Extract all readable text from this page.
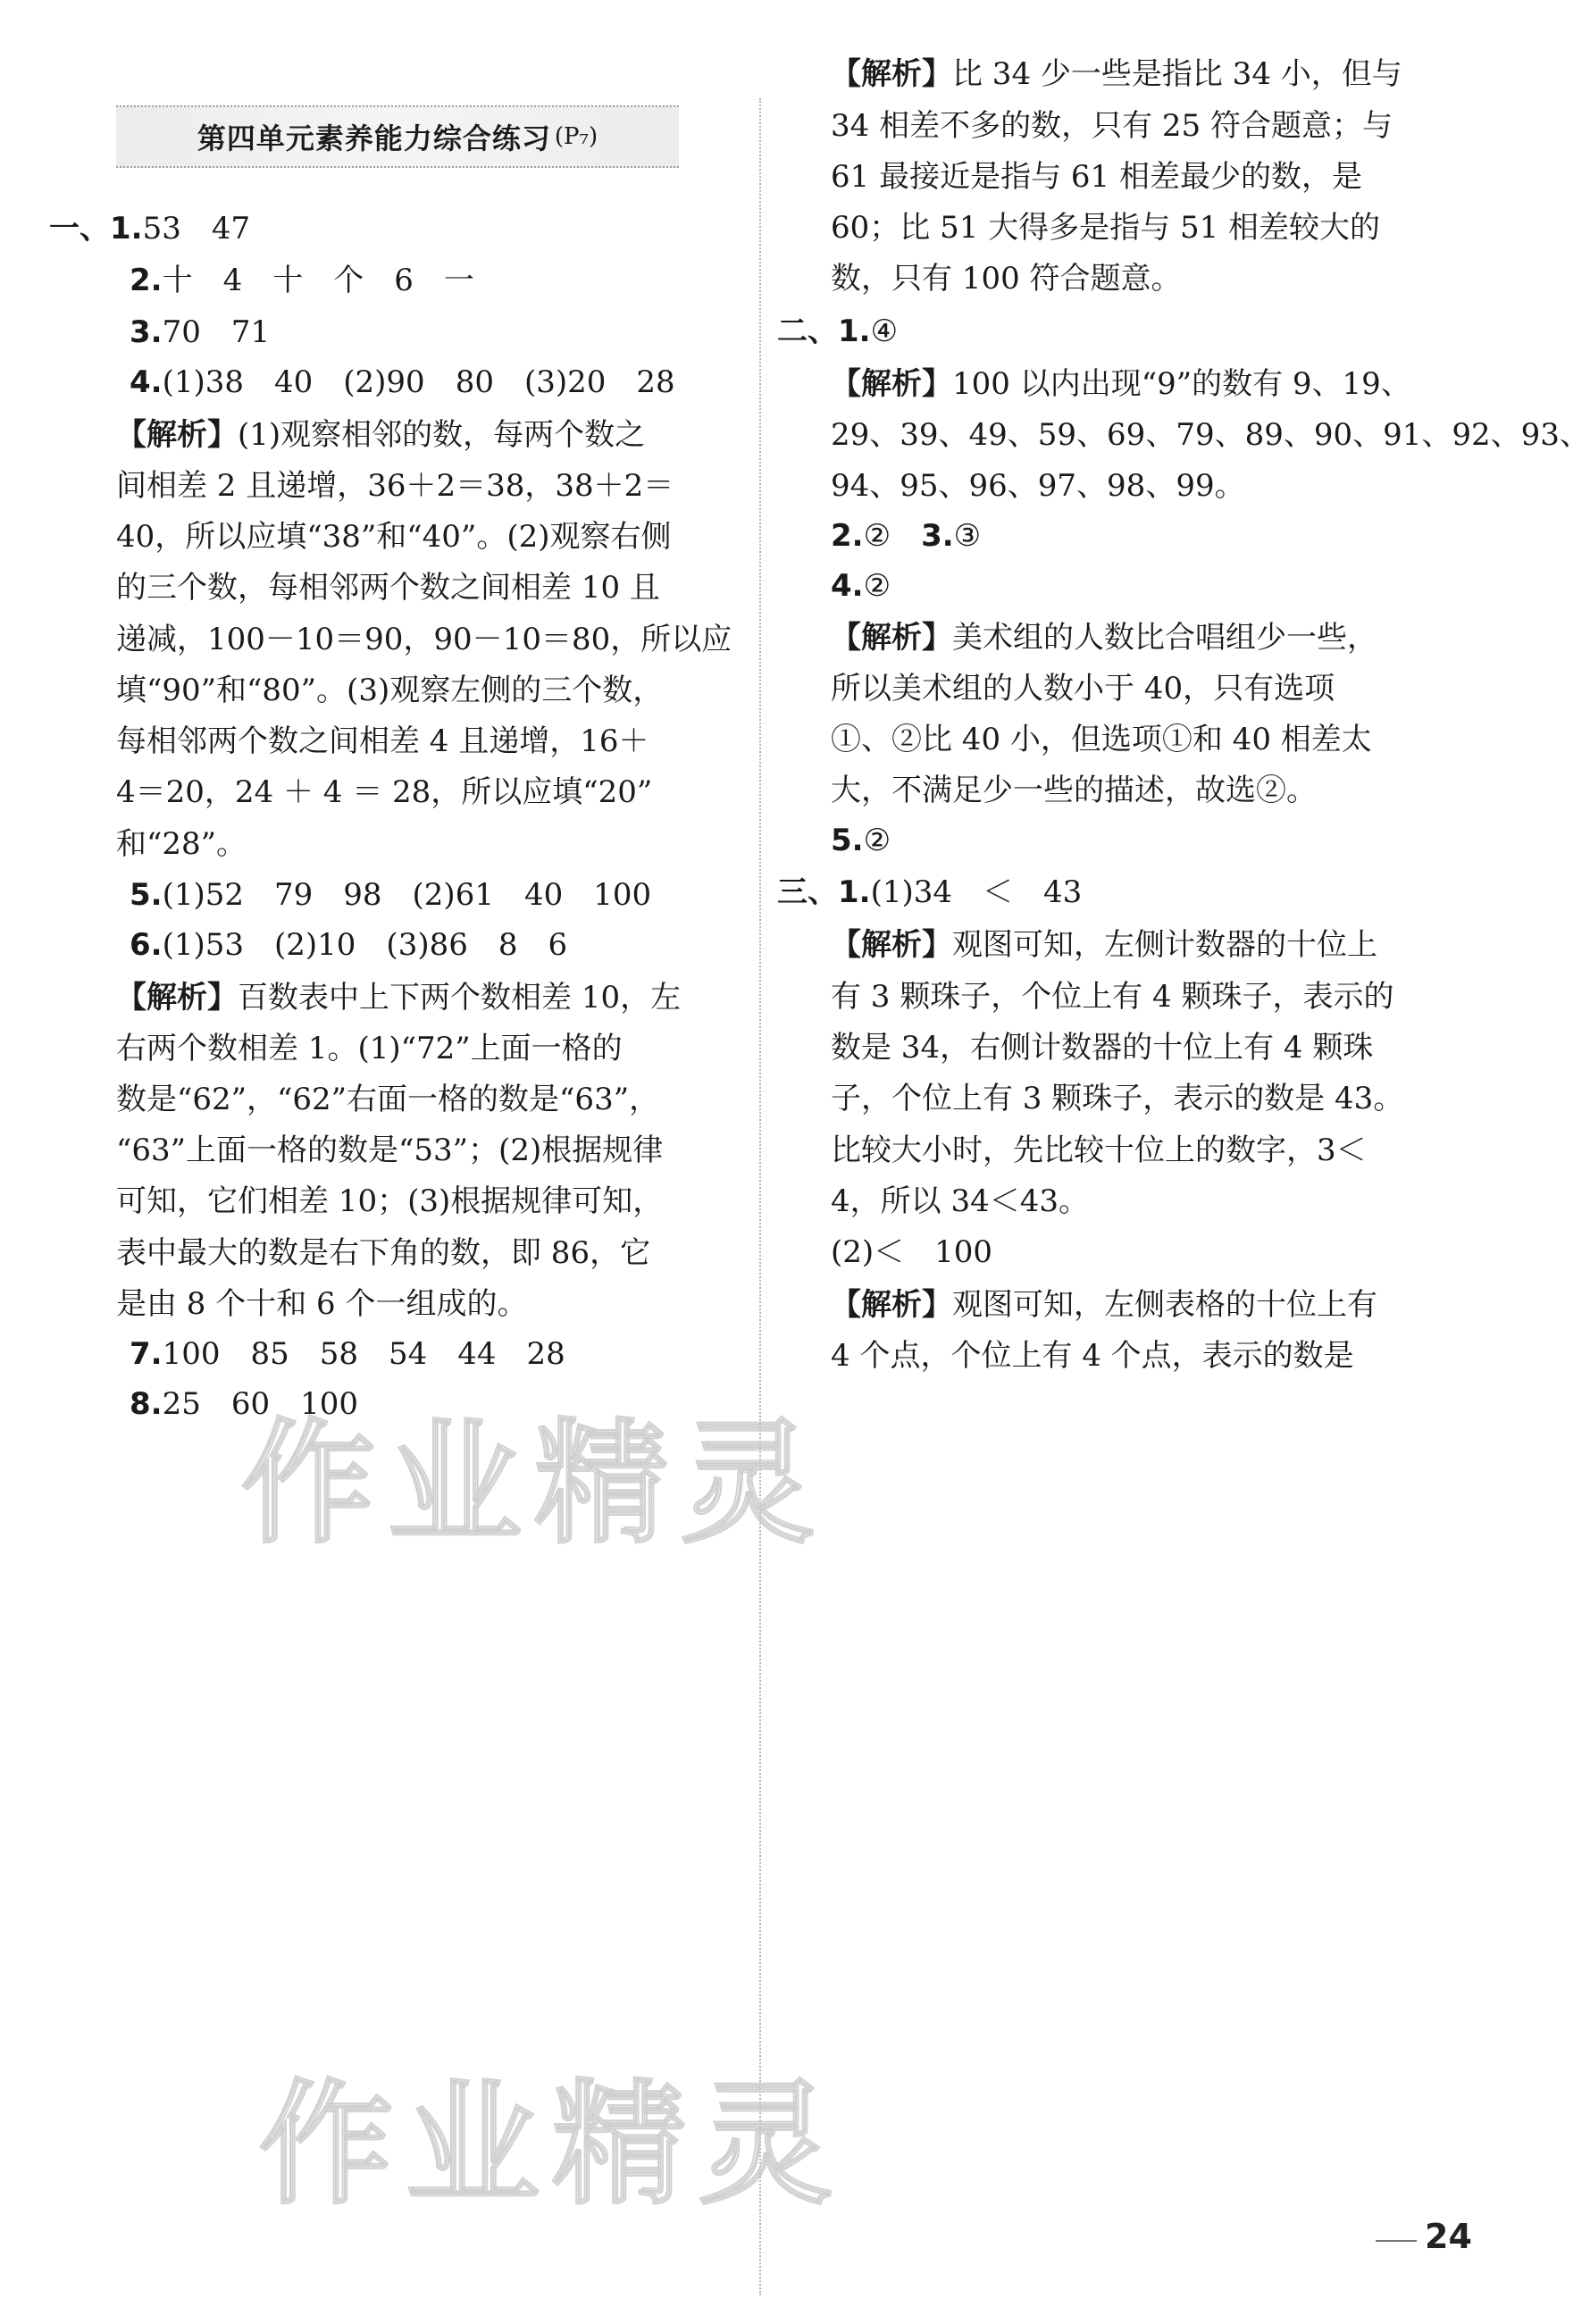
第四单元素养能力综合练习 (P₇)
一、1.53　47
2.十　4　十　个　6　一
3.70　71
4.(1)38　40　(2)90　80　(3)20　28
【解析】(1)观察相邻的数，每两个数之
间相差 2 且递增，36＋2＝38，38＋2＝
40，所以应填“38”和“40”。(2)观察右侧
的三个数，每相邻两个数之间相差 10 且
递减，100－10＝90，90－10＝80，所以应
填“90”和“80”。(3)观察左侧的三个数，
每相邻两个数之间相差 4 且递增，16＋
4＝20，24 ＋ 4 ＝ 28，所以应填“20”
和“28”。
5.(1)52　79　98　(2)61　40　100
6.(1)53　(2)10　(3)86　8　6
【解析】百数表中上下两个数相差 10，左
右两个数相差 1。(1)“72”上面一格的
数是“62”，“62”右面一格的数是“63”，
“63”上面一格的数是“53”；(2)根据规律
可知，它们相差 10；(3)根据规律可知，
表中最大的数是右下角的数，即 86，它
是由 8 个十和 6 个一组成的。
7.100　85　58　54　44　28
8.25　60　100
【解析】比 34 少一些是指比 34 小，但与
34 相差不多的数，只有 25 符合题意；与
61 最接近是指与 61 相差最少的数，是
60；比 51 大得多是指与 51 相差较大的
数，只有 100 符合题意。
二、1.④
【解析】100 以内出现“9”的数有 9、19、
29、39、49、59、69、79、89、90、91、92、93、
94、95、96、97、98、99。
2.②　3.③
4.②
【解析】美术组的人数比合唱组少一些，
所以美术组的人数小于 40，只有选项
①、②比 40 小，但选项①和 40 相差太
大，不满足少一些的描述，故选②。
5.②
三、1.(1)34　＜　43
【解析】观图可知，左侧计数器的十位上
有 3 颗珠子，个位上有 4 颗珠子，表示的
数是 34，右侧计数器的十位上有 4 颗珠
子，个位上有 3 颗珠子，表示的数是 43。
比较大小时，先比较十位上的数字，3＜
4，所以 34＜43。
(2)＜　100
【解析】观图可知，左侧表格的十位上有
4 个点，个位上有 4 个点，表示的数是
作业精灵
作业精灵
24
